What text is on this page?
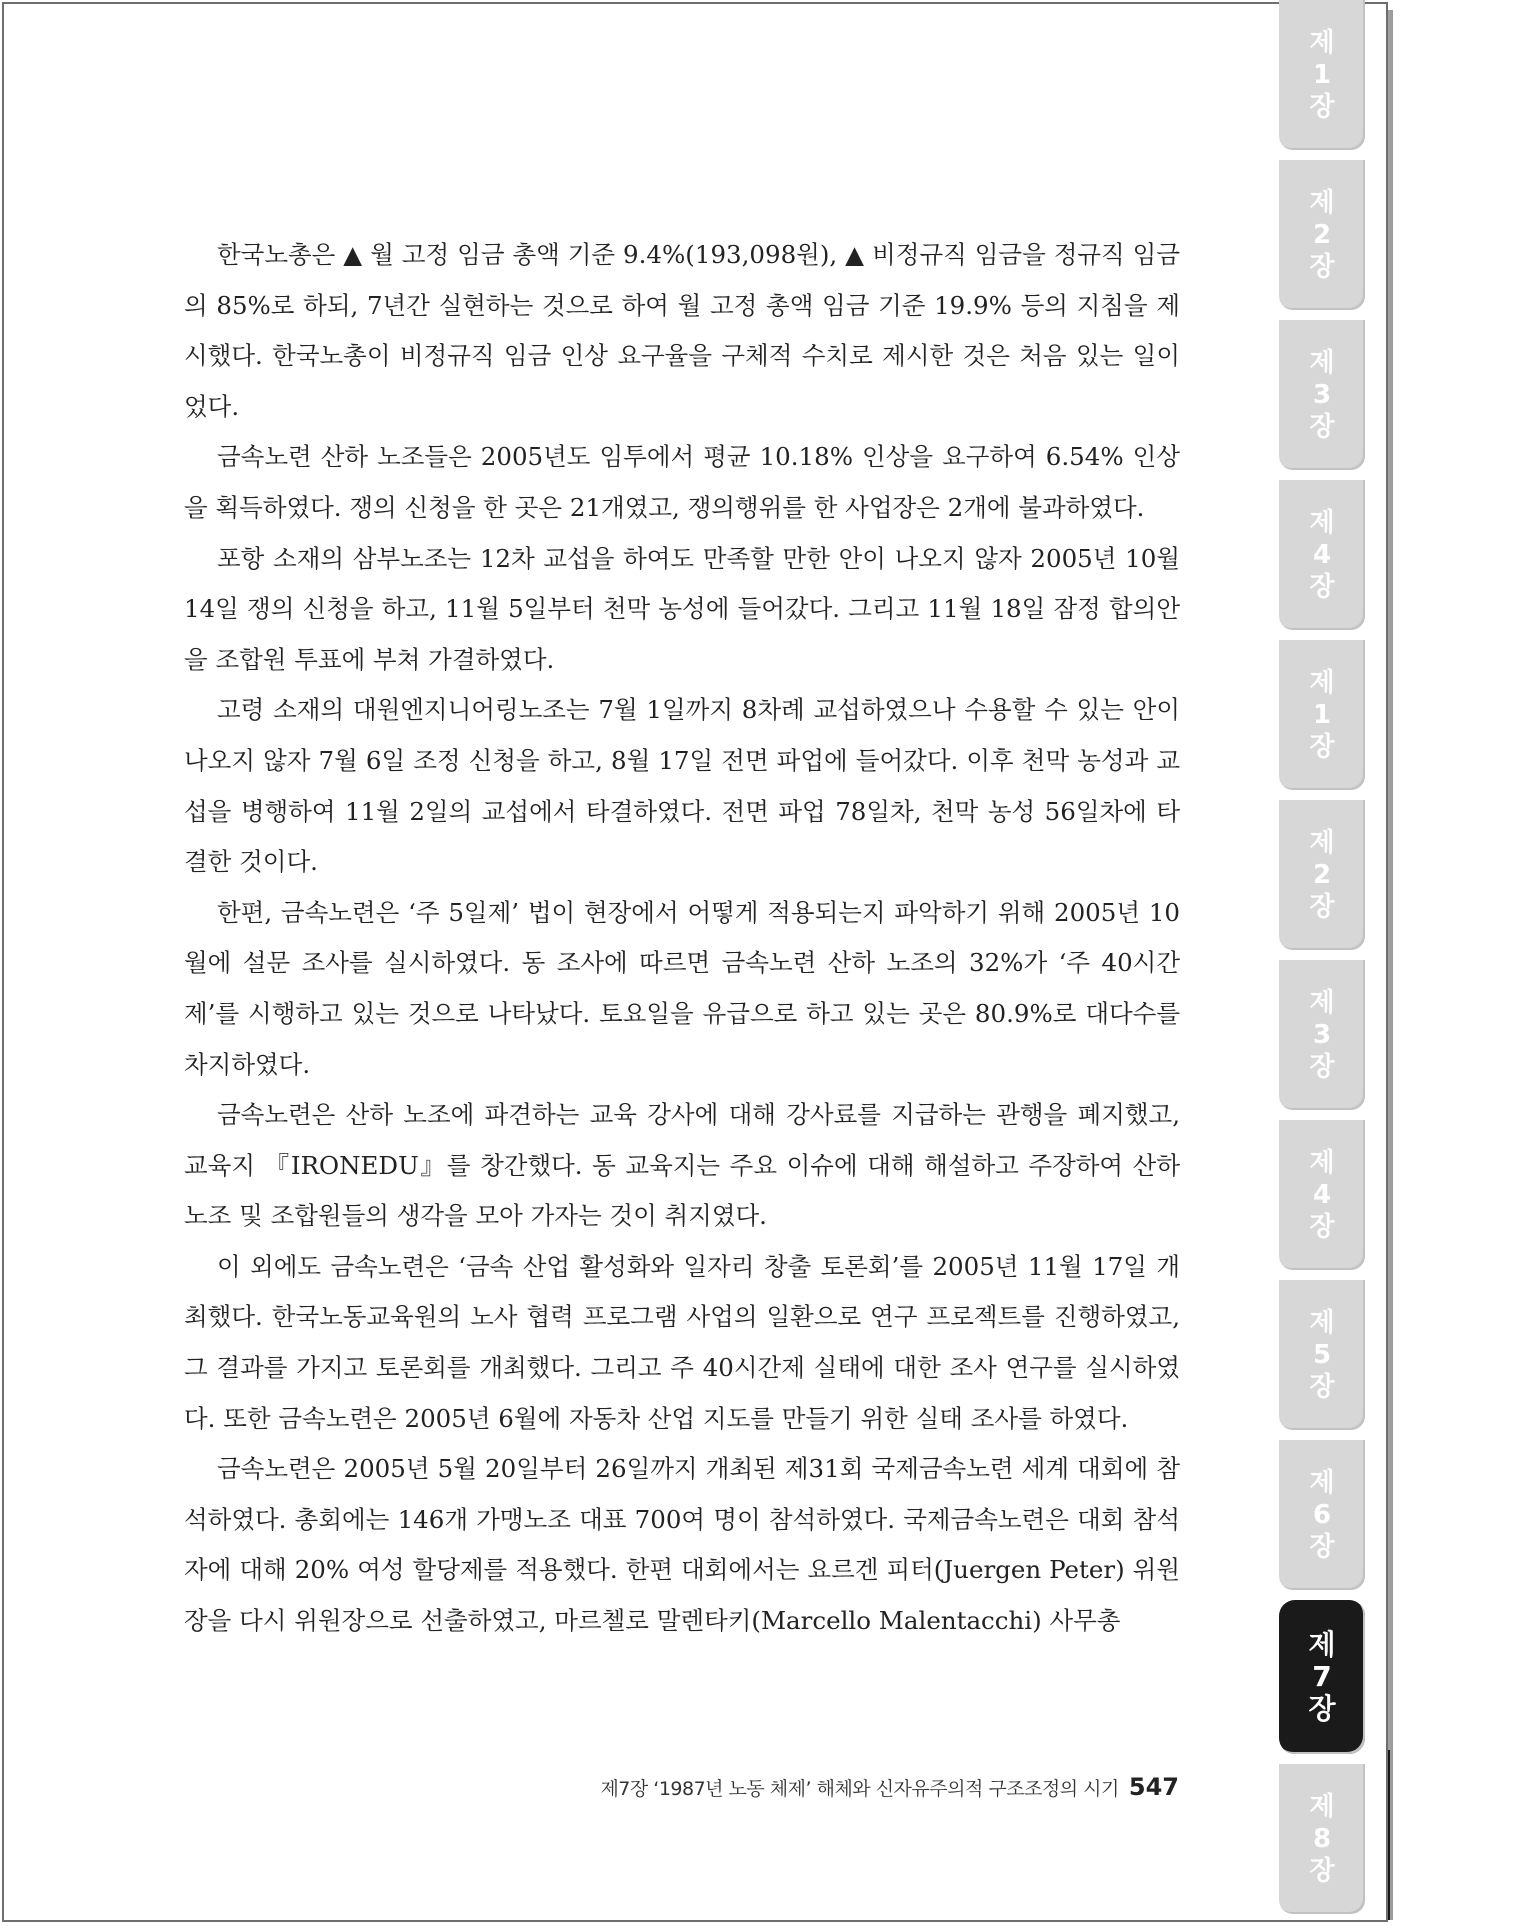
한국노총은 ▲ 월 고정 임금 총액 기준 9.4%(193,098원), ▲ 비정규직 임금을 정규직 임금의 85%로 하되, 7년간 실현하는 것으로 하여 월 고정 총액 임금 기준 19.9% 등의 지침을 제시했다. 한국노총이 비정규직 임금 인상 요구율을 구체적 수치로 제시한 것은 처음 있는 일이었다.

금속노련 산하 노조들은 2005년도 임투에서 평균 10.18% 인상을 요구하여 6.54% 인상을 획득하였다. 쟁의 신청을 한 곳은 21개였고, 쟁의행위를 한 사업장은 2개에 불과하였다.

포항 소재의 삼부노조는 12차 교섭을 하여도 만족할 만한 안이 나오지 않자 2005년 10월 14일 쟁의 신청을 하고, 11월 5일부터 천막 농성에 들어갔다. 그리고 11월 18일 잠정 합의안을 조합원 투표에 부쳐 가결하였다.

고령 소재의 대원엔지니어링노조는 7월 1일까지 8차례 교섭하였으나 수용할 수 있는 안이 나오지 않자 7월 6일 조정 신청을 하고, 8월 17일 전면 파업에 들어갔다. 이후 천막 농성과 교섭을 병행하여 11월 2일의 교섭에서 타결하였다. 전면 파업 78일차, 천막 농성 56일차에 타결한 것이다.

한편, 금속노련은 ‘주 5일제’ 법이 현장에서 어떻게 적용되는지 파악하기 위해 2005년 10월에 설문 조사를 실시하였다. 동 조사에 따르면 금속노련 산하 노조의 32%가 ‘주 40시간제’를 시행하고 있는 것으로 나타났다. 토요일을 유급으로 하고 있는 곳은 80.9%로 대다수를 차지하였다.

금속노련은 산하 노조에 파견하는 교육 강사에 대해 강사료를 지급하는 관행을 폐지했고, 교육지 『IRONEDU』를 창간했다. 동 교육지는 주요 이슈에 대해 해설하고 주장하여 산하 노조 및 조합원들의 생각을 모아 가자는 것이 취지였다.

이 외에도 금속노련은 ‘금속 산업 활성화와 일자리 창출 토론회’를 2005년 11월 17일 개최했다. 한국노동교육원의 노사 협력 프로그램 사업의 일환으로 연구 프로젝트를 진행하였고, 그 결과를 가지고 토론회를 개최했다. 그리고 주 40시간제 실태에 대한 조사 연구를 실시하였다. 또한 금속노련은 2005년 6월에 자동차 산업 지도를 만들기 위한 실태 조사를 하였다.

금속노련은 2005년 5월 20일부터 26일까지 개최된 제31회 국제금속노련 세계 대회에 참석하였다. 총회에는 146개 가맹노조 대표 700여 명이 참석하였다. 국제금속노련은 대회 참석자에 대해 20% 여성 할당제를 적용했다. 한편 대회에서는 요르겐 피터(Juergen Peter) 위원장을 다시 위원장으로 선출하였고, 마르첼로 말렌타키(Marcello Malentacchi) 사무총

제7장 ‘1987년 노동 체제’ 해체와 신자유주의적 구조조정의 시기 547
제
1
장
제
2
장
제
3
장
제
4
장
제
1
장
제
2
장
제
3
장
제
4
장
제
5
장
제
6
장
제
7
장
제
8
장
